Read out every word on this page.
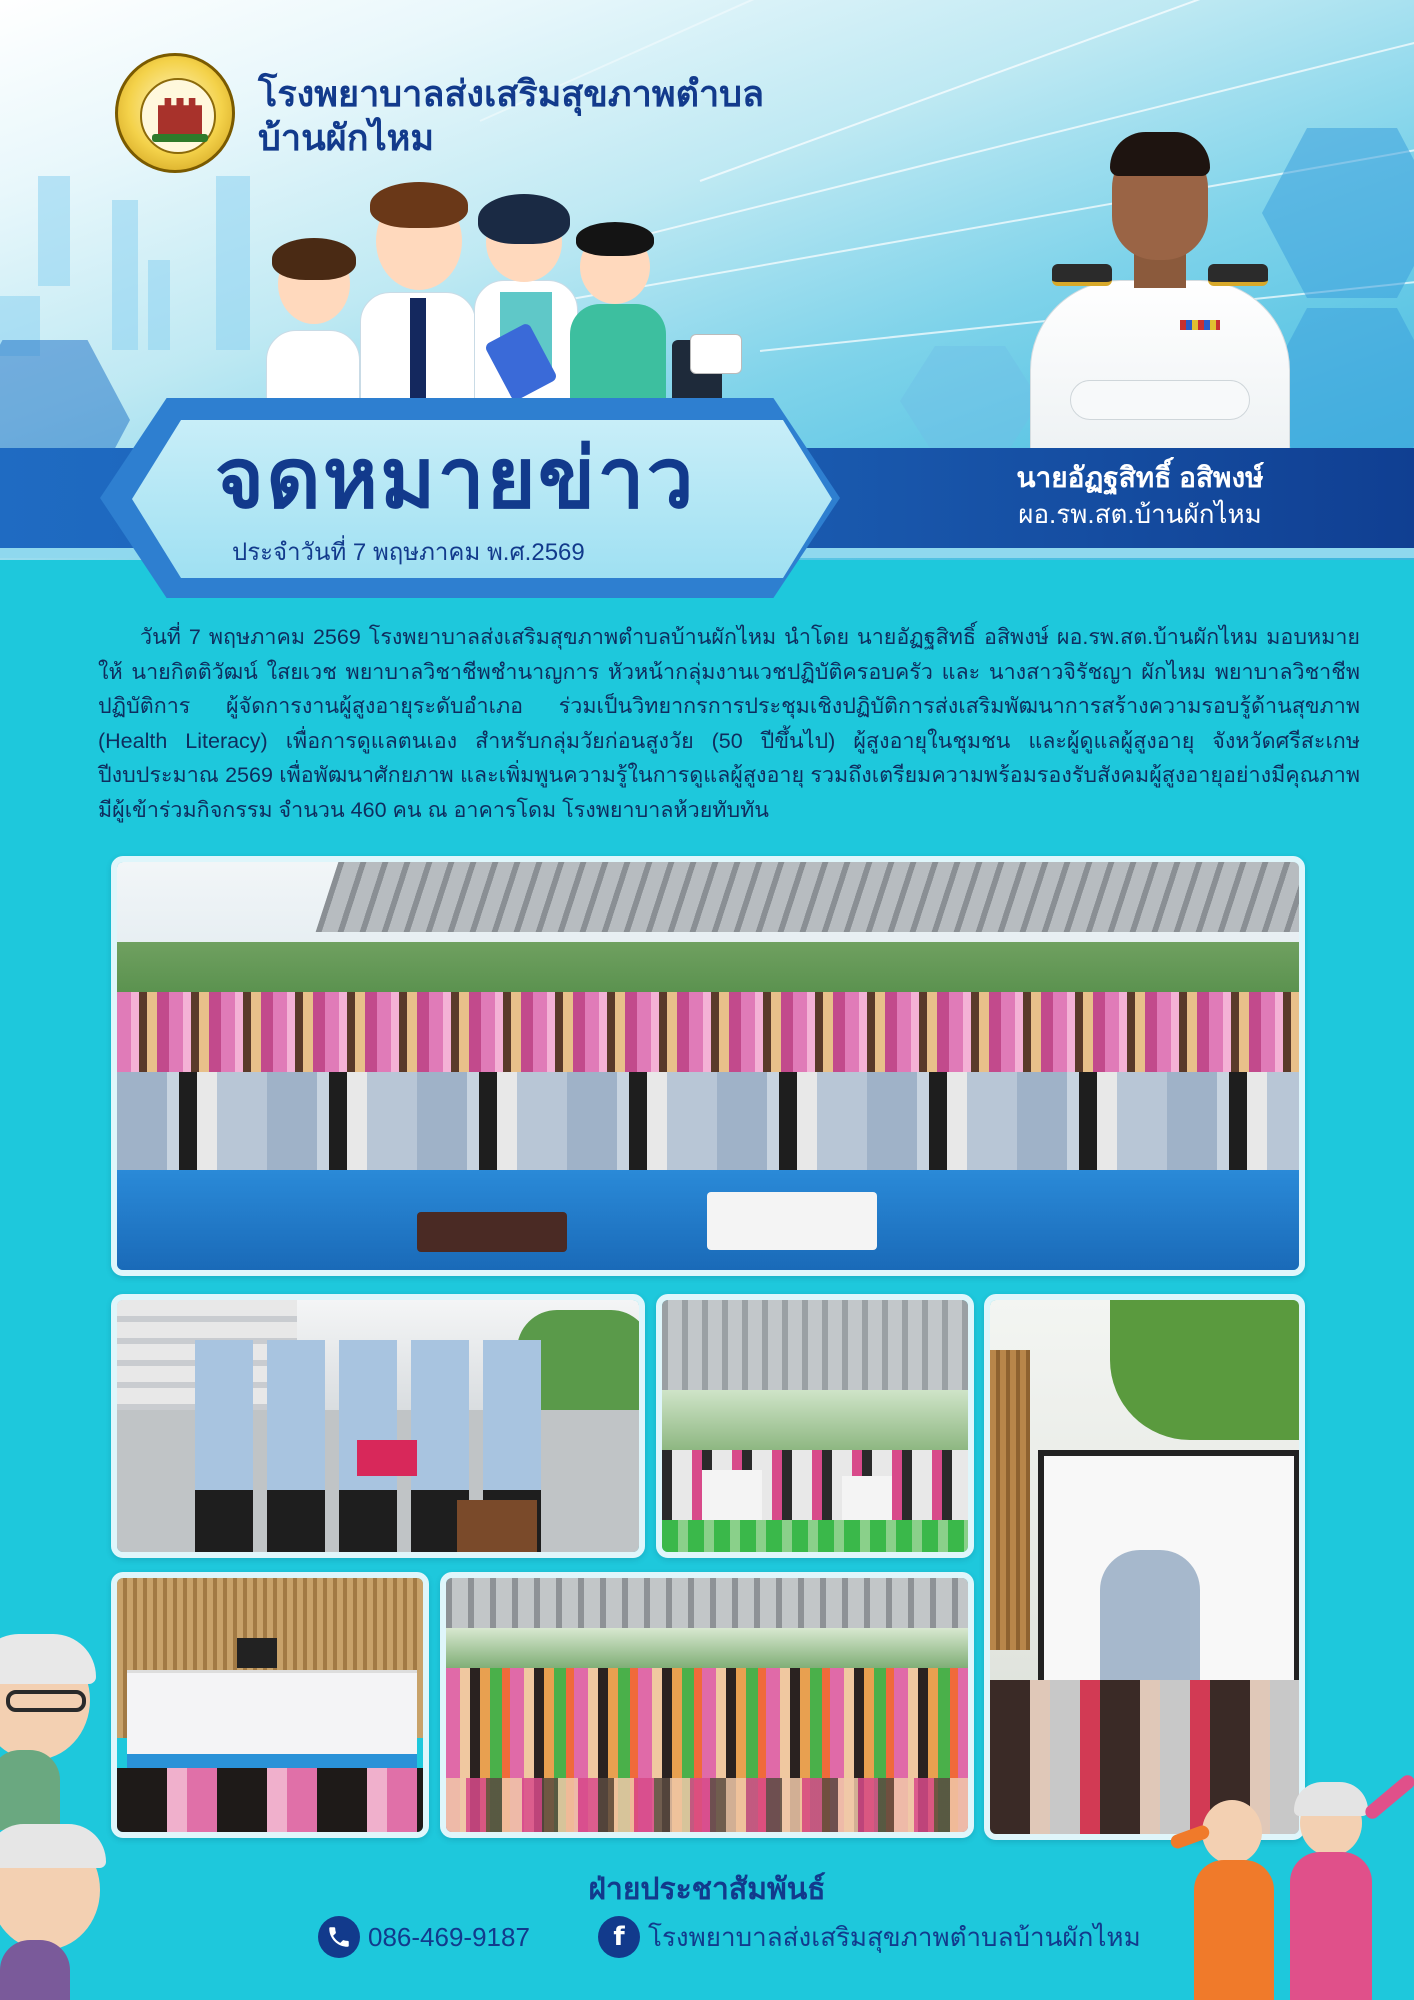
โรงพยาบาลส่งเสริมสุขภาพตำบล
บ้านผักไหม
จดหมายข่าว
ประจำวันที่ 7 พฤษภาคม พ.ศ.2569
นายอัฏฐสิทธิ์ อสิพงษ์
ผอ.รพ.สต.บ้านผักไหม

วันที่ 7 พฤษภาคม 2569 โรงพยาบาลส่งเสริมสุขภาพตำบลบ้านผักไหม นำโดย นายอัฏฐสิทธิ์ อสิพงษ์ ผอ.รพ.สต.บ้านผักไหม มอบหมายให้ นายกิตติวัฒน์ ใสยเวช พยาบาลวิชาชีพชำนาญการ หัวหน้ากลุ่มงานเวชปฏิบัติครอบครัว และ นางสาวจิรัชญา ผักไหม พยาบาลวิชาชีพปฏิบัติการ ผู้จัดการงานผู้สูงอายุระดับอำเภอ ร่วมเป็นวิทยากรการประชุมเชิงปฏิบัติการส่งเสริมพัฒนาการสร้างความรอบรู้ด้านสุขภาพ (Health Literacy) เพื่อการดูแลตนเอง สำหรับกลุ่มวัยก่อนสูงวัย (50 ปีขึ้นไป) ผู้สูงอายุในชุมชน และผู้ดูแลผู้สูงอายุ จังหวัดศรีสะเกษ ปีงบประมาณ 2569 เพื่อพัฒนาศักยภาพ และเพิ่มพูนความรู้ในการดูแลผู้สูงอายุ รวมถึงเตรียมความพร้อมรองรับสังคมผู้สูงอายุอย่างมีคุณภาพ มีผู้เข้าร่วมกิจกรรม จำนวน 460 คน ณ อาคารโดม โรงพยาบาลห้วยทับทัน

ฝ่ายประชาสัมพันธ์
086-469-9187	f โรงพยาบาลส่งเสริมสุขภาพตำบลบ้านผักไหม
